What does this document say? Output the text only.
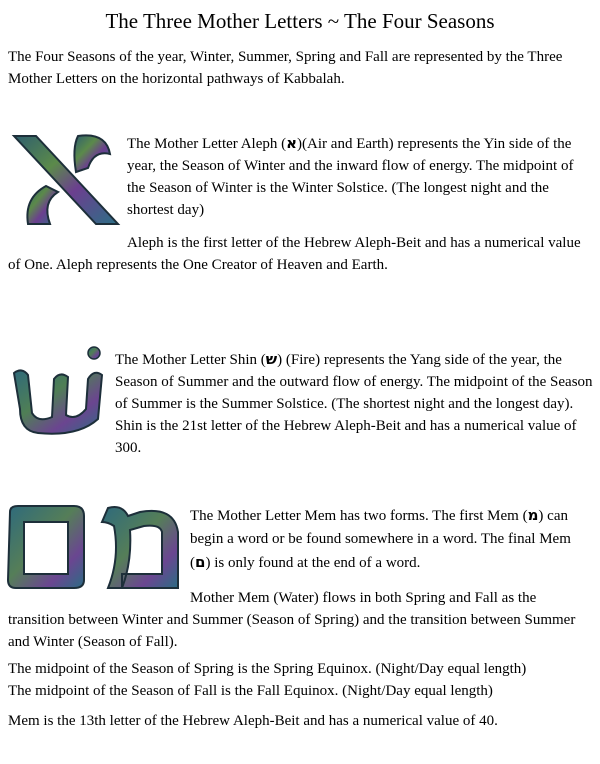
The Three Mother Letters ~ The Four Seasons
The Four Seasons of the year, Winter, Summer, Spring and Fall are represented by the Three Mother Letters on the horizontal pathways of Kabbalah.
The Mother Letter Aleph (א)(Air and Earth) represents the Yin side of the year, the Season of Winter and the inward flow of energy. The midpoint of the Season of Winter is the Winter Solstice. (The longest night and the shortest day)
Aleph is the first letter of the Hebrew Aleph-Beit and has a numerical value of One. Aleph represents the One Creator of Heaven and Earth.
The Mother Letter Shin (ש) (Fire) represents the Yang side of the year, the Season of Summer and the outward flow of energy. The midpoint of the Season of Summer is the Summer Solstice. (The shortest night and the longest day). Shin is the 21st letter of the Hebrew Aleph-Beit and has a numerical value of 300.
The Mother Letter Mem has two forms. The first Mem (מ) can begin a word or be found somewhere in a word. The final Mem (ם) is only found at the end of a word.
Mother Mem (Water) flows in both Spring and Fall as the transition between Winter and Summer (Season of Spring) and the transition between Summer and Winter (Season of Fall).
The midpoint of the Season of Spring is the Spring Equinox. (Night/Day equal length)
The midpoint of the Season of Fall is the Fall Equinox. (Night/Day equal length)
Mem is the 13th letter of the Hebrew Aleph-Beit and has a numerical value of 40.
